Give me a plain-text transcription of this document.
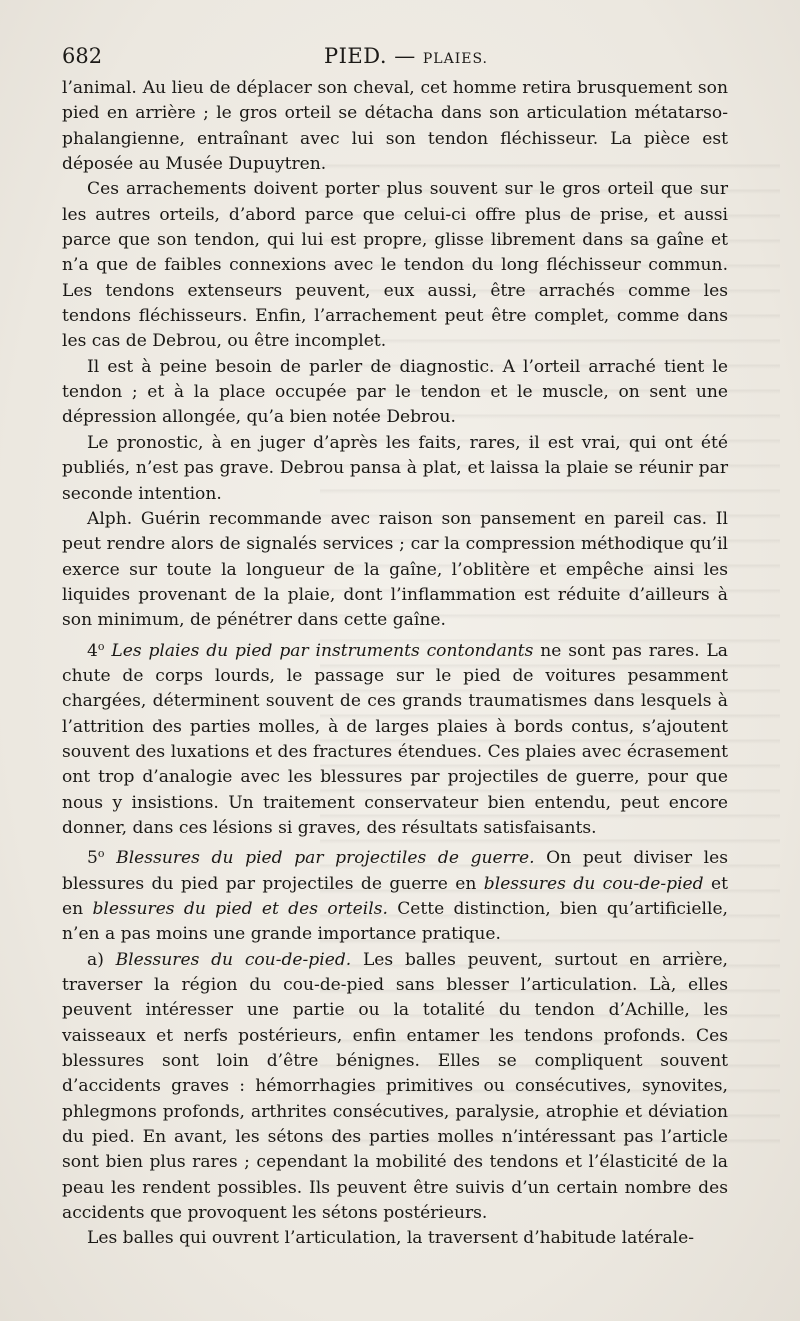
682	PIED. — PLAIES.

l’animal. Au lieu de déplacer son cheval, cet homme retira brusquement son pied en arrière ; le gros orteil se détacha dans son articulation métatarso-phalangienne, entraînant avec lui son tendon fléchisseur. La pièce est déposée au Musée Dupuytren.

Ces arrachements doivent porter plus souvent sur le gros orteil que sur les autres orteils, d’abord parce que celui-ci offre plus de prise, et aussi parce que son tendon, qui lui est propre, glisse librement dans sa gaîne et n’a que de faibles connexions avec le tendon du long fléchisseur commun. Les tendons extenseurs peuvent, eux aussi, être arrachés comme les tendons fléchisseurs. Enfin, l’arrachement peut être complet, comme dans les cas de Debrou, ou être incomplet.

Il est à peine besoin de parler de diagnostic. A l’orteil arraché tient le tendon ; et à la place occupée par le tendon et le muscle, on sent une dépression allongée, qu’a bien notée Debrou.

Le pronostic, à en juger d’après les faits, rares, il est vrai, qui ont été publiés, n’est pas grave. Debrou pansa à plat, et laissa la plaie se réunir par seconde intention.

Alph. Guérin recommande avec raison son pansement en pareil cas. Il peut rendre alors de signalés services ; car la compression méthodique qu’il exerce sur toute la longueur de la gaîne, l’oblitère et empêche ainsi les liquides provenant de la plaie, dont l’inflammation est réduite d’ailleurs à son minimum, de pénétrer dans cette gaîne.

4$^o$ Les plaies du pied par instruments contondants ne sont pas rares. La chute de corps lourds, le passage sur le pied de voitures pesamment chargées, déterminent souvent de ces grands traumatismes dans lesquels à l’attrition des parties molles, à de larges plaies à bords contus, s’ajoutent souvent des luxations et des fractures étendues. Ces plaies avec écrasement ont trop d’analogie avec les blessures par projectiles de guerre, pour que nous y insistions. Un traitement conservateur bien entendu, peut encore donner, dans ces lésions si graves, des résultats satisfaisants.

5$^o$ Blessures du pied par projectiles de guerre. On peut diviser les blessures du pied par projectiles de guerre en blessures du cou-de-pied et en blessures du pied et des orteils. Cette distinction, bien qu’artificielle, n’en a pas moins une grande importance pratique.

a) Blessures du cou-de-pied. Les balles peuvent, surtout en arrière, traverser la région du cou-de-pied sans blesser l’articulation. Là, elles peuvent intéresser une partie ou la totalité du tendon d’Achille, les vaisseaux et nerfs postérieurs, enfin entamer les tendons profonds. Ces blessures sont loin d’être bénignes. Elles se compliquent souvent d’accidents graves : hémorrhagies primitives ou consécutives, synovites, phlegmons profonds, arthrites consécutives, paralysie, atrophie et déviation du pied. En avant, les sétons des parties molles n’intéressant pas l’article sont bien plus rares ; cependant la mobilité des tendons et l’élasticité de la peau les rendent possibles. Ils peuvent être suivis d’un certain nombre des accidents que provoquent les sétons postérieurs.

Les balles qui ouvrent l’articulation, la traversent d’habitude latérale-
